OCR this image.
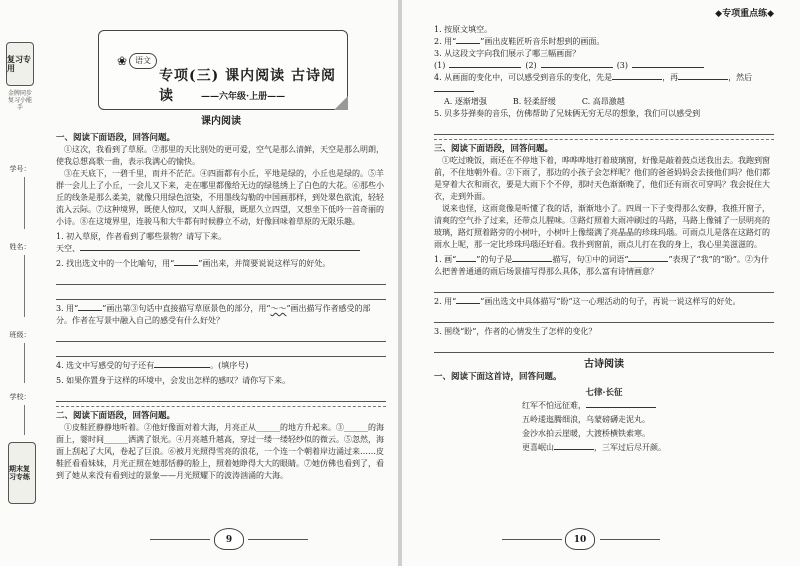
复习专用
金牌同步复习小能手
学号：
姓名：
班级：
学校：
期末复习专练
❀	语文
专项(三) 课内阅读 古诗阅读	——六年级·上册——
课内阅读
一、阅读下面语段，回答问题。
①这次，我看到了草原。②那里的天比别处的更可爱，空气是那么清鲜，天空是那么明朗，使我总想高歌一曲，表示我满心的愉快。
③在天底下，一碧千里，而并不茫茫。④四面都有小丘，平地是绿的，小丘也是绿的。⑤羊群一会儿上了小丘，一会儿又下来，走在哪里都像给无边的绿毯绣上了白色的大花。⑥那些小丘的线条是那么柔美，就像只用绿色渲染，不用墨线勾勒的中国画那样，到处翠色欲流，轻轻流入云际。⑦这种境界，既使人惊叹，又叫人舒服，既愿久立四望，又想坐下低吟一首奇丽的小诗。⑧在这境界里，连骏马和大牛都有时候静立不动，好像回味着草原的无限乐趣。
1. 初入草原，作者看到了哪些景物？请写下来。
天空、
2. 找出选文中的一个比喻句，用“	”画出来，并简要说说这样写的好处。
3. 用“	”画出第③句话中直接描写草原景色的部分，用“～～”画出描写作者感受的部分。作者在写景中融入自己的感受有什么好处？
4. 选文中写感受的句子还有	。(填序号)
5. 如果你置身于这样的环境中，会发出怎样的感叹？请你写下来。
二、阅读下面语段，回答问题。
①皮鞋匠静静地听着。②他好像面对着大海，月亮正从______的地方升起来。③______的海面上，霎时间______洒满了银光。④月亮越升越高，穿过一缕一缕轻纱似的微云。⑤忽然，海面上刮起了大风，卷起了巨浪。⑥被月光照得雪亮的浪花，一个连一个朝着岸边涌过来……皮鞋匠看看妹妹，月光正照在她那恬静的脸上，照着她睁得大大的眼睛。⑦她仿佛也看到了，看到了她从来没有看到过的景象——月光照耀下的波涛汹涌的大海。
9
◆专项重点练◆
1. 按原文填空。
2. 用“	”画出皮鞋匠听音乐时想到的画面。
3. 从这段文字向我们展示了哪三幅画面？
(1)	(2)	(3)
4. 从画面的变化中，可以感受到音乐的变化，先是	，再	，然后
A. 逐渐增强	B. 轻柔舒缓	C. 高昂激越
5. 贝多芬弹奏的音乐，仿佛帮助了兄妹俩无穷无尽的想象，我们可以感受到
三、阅读下面语段，回答问题。
①吃过晚饭，雨还在不停地下着，哗哗哗地打着玻璃窗，好像是敲着鼓点送我出去。我跑到窗前，不住地朝外看。②下雨了，那边的小孩子会怎样呢？他们的爸爸妈妈会去接他们吗？他们都是穿着大衣和雨衣，要是大雨下个不停，那时天色渐渐晚了，他们还有雨衣可穿吗？我会捉住大衣，走到外面。
说来也怪，这雨竟像是听懂了我的话，渐渐地小了。四周一下子变得那么安静，我推开窗子，清爽的空气扑了过来，还带点儿腥味。③路灯照着大雨冲刷过的马路，马路上像铺了一层明亮的玻璃，路灯照着路旁的小树叶，小树叶上像缀满了亮晶晶的珍珠玛瑙。可雨点儿是落在这路灯的雨水上呢，那一定比珍珠玛瑙还好看。我扑到窗前，雨点儿打在我的身上，我心里美滋滋的。
1. 画“	”的句子是	描写，句①中的词语“	”表现了“我”的“盼”。②为什么把普普通通的雨后场景描写得那么具体，那么富有诗情画意？
2. 用“	”画出选文中具体描写“盼”这一心理活动的句子，再说一说这样写的好处。
3. 围绕“盼”，作者的心情发生了怎样的变化？
古诗阅读
一、阅读下面这首诗，回答问题。
七律·长征
红军不怕远征难，
五岭逶迤腾细浪，乌蒙磅礴走泥丸。
金沙水拍云崖暖，大渡桥横铁索寒。
更喜岷山	，三军过后尽开颜。
10
